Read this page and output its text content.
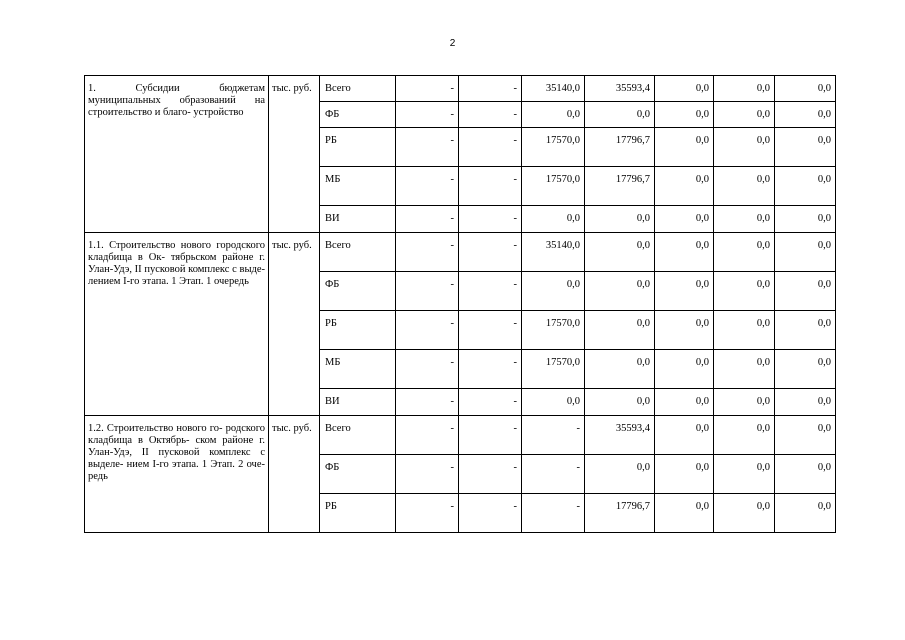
2
1. Субсидии бюджетам муниципальных образований на строительство и благо- устройство	тыс. руб.	Всего	-	-	35140,0	35593,4	0,0	0,0	0,0
		ФБ	-	-	0,0	0,0	0,0	0,0	0,0
		РБ	-	-	17570,0	17796,7	0,0	0,0	0,0
		МБ	-	-	17570,0	17796,7	0,0	0,0	0,0
		ВИ	-	-	0,0	0,0	0,0	0,0	0,0
1.1. Строительство нового городского кладбища в Ок- тябрьском районе г. Улан-Удэ, II пусковой комплекс с выде- лением I-го этапа. 1 Этап. 1 очередь	тыс. руб.	Всего	-	-	35140,0	0,0	0,0	0,0	0,0
		ФБ	-	-	0,0	0,0	0,0	0,0	0,0
		РБ	-	-	17570,0	0,0	0,0	0,0	0,0
		МБ	-	-	17570,0	0,0	0,0	0,0	0,0
		ВИ	-	-	0,0	0,0	0,0	0,0	0,0
1.2. Строительство нового го- родского кладбища в Октябрь- ском районе г. Улан-Удэ, II пусковой комплекс с выделе- нием I-го этапа. 1 Этап. 2 оче- редь	тыс. руб.	Всего	-	-	-	35593,4	0,0	0,0	0,0
		ФБ	-	-	-	0,0	0,0	0,0	0,0
		РБ	-	-	-	17796,7	0,0	0,0	0,0
